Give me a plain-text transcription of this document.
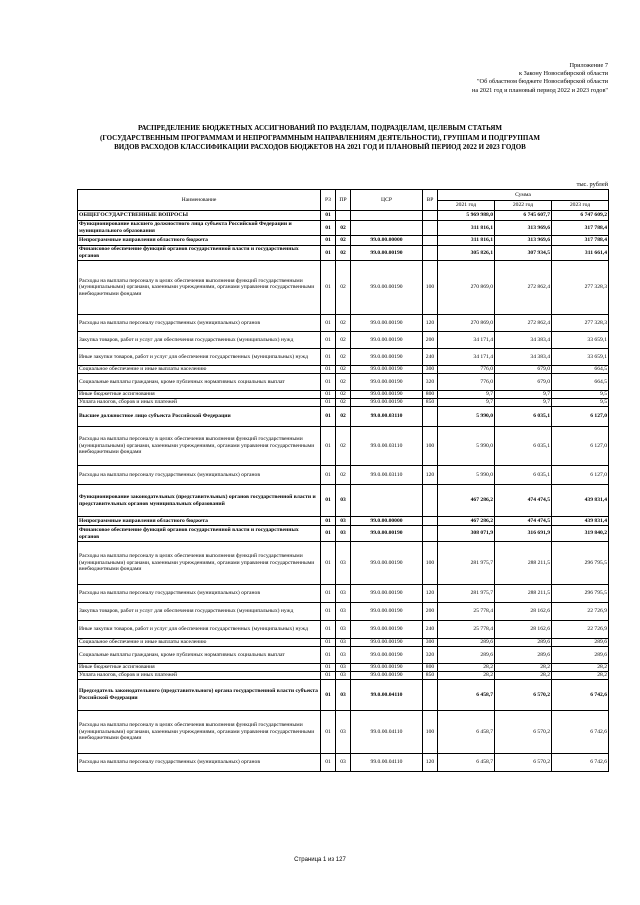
Приложение 7
к Закону Новосибирской области
"Об областном бюджете Новосибирской области
на 2021 год и плановый период 2022 и 2023 годов"
РАСПРЕДЕЛЕНИЕ БЮДЖЕТНЫХ АССИГНОВАНИЙ ПО РАЗДЕЛАМ, ПОДРАЗДЕЛАМ, ЦЕЛЕВЫМ СТАТЬЯМ
(ГОСУДАРСТВЕННЫМ ПРОГРАММАМ И НЕПРОГРАММНЫМ НАПРАВЛЕНИЯМ ДЕЯТЕЛЬНОСТИ), ГРУППАМ И ПОДГРУППАМ
ВИДОВ РАСХОДОВ КЛАССИФИКАЦИИ РАСХОДОВ БЮДЖЕТОВ НА 2021 ГОД И ПЛАНОВЫЙ ПЕРИОД 2022 И 2023 ГОДОВ
тыс. рублей
Наименование	РЗ	ПР	ЦСР	ВР	Сумма		
					2021 год	2022 год	2023 год
ОБЩЕГОСУДАРСТВЕННЫЕ ВОПРОСЫ	01				5 969 988,0	6 745 607,7	6 747 609,2
Функционирование высшего должностного лица субъекта Российской Федерации и муниципального образования	01	02			311 816,1	313 969,6	317 788,4
Непрограммные направления областного бюджета	01	02	99.0.00.00000		311 816,1	313 969,6	317 788,4
Финансовое обеспечение функций органов государственной власти и государственных органов	01	02	99.0.00.00190		305 826,1	307 934,5	311 661,4
Расходы на выплаты персоналу в целях обеспечения выполнения функций государственными (муниципальными) органами, казенными учреждениями, органами управления государственными внебюджетными фондами	01	02	99.0.00.00190	100	270 869,0	272 862,4	277 328,3
Расходы на выплаты персоналу государственных (муниципальных) органов	01	02	99.0.00.00190	120	270 869,0	272 862,4	277 328,3
Закупка товаров, работ и услуг для обеспечения государственных (муниципальных) нужд	01	02	99.0.00.00190	200	34 171,4	34 383,4	33 659,1
Иные закупки товаров, работ и услуг для обеспечения государственных (муниципальных) нужд	01	02	99.0.00.00190	240	34 171,4	34 383,4	33 659,1
Социальное обеспечение и иные выплаты населению	01	02	99.0.00.00190	300	776,0	679,0	664,5
Социальные выплаты гражданам, кроме публичных нормативных социальных выплат	01	02	99.0.00.00190	320	776,0	679,0	664,5
Иные бюджетные ассигнования	01	02	99.0.00.00190	800	9,7	9,7	9,5
Уплата налогов, сборов и иных платежей	01	02	99.0.00.00190	850	9,7	9,7	9,5
Высшее должностное лицо субъекта Российской Федерации	01	02	99.0.00.03110		5 990,0	6 035,1	6 127,0
Расходы на выплаты персоналу в целях обеспечения выполнения функций государственными (муниципальными) органами, казенными учреждениями, органами управления государственными внебюджетными фондами	01	02	99.0.00.03110	100	5 990,0	6 035,1	6 127,0
Расходы на выплаты персоналу государственных (муниципальных) органов	01	02	99.0.00.03110	120	5 990,0	6 035,1	6 127,0
Функционирование законодательных (представительных) органов государственной власти и представительных органов муниципальных образований	01	03			467 286,2	474 474,5	439 831,4
Непрограммные направления областного бюджета	01	03	99.0.00.00000		467 286,2	474 474,5	439 831,4
Финансовое обеспечение функций органов государственной власти и государственных органов	01	03	99.0.00.00190		308 071,9	316 691,9	319 840,2
Расходы на выплаты персоналу в целях обеспечения выполнения функций государственными (муниципальными) органами, казенными учреждениями, органами управления государственными внебюджетными фондами	01	03	99.0.00.00190	100	281 975,7	288 211,5	296 795,5
Расходы на выплаты персоналу государственных (муниципальных) органов	01	03	99.0.00.00190	120	281 975,7	288 211,5	296 795,5
Закупка товаров, работ и услуг для обеспечения государственных (муниципальных) нужд	01	03	99.0.00.00190	200	25 778,4	28 162,6	22 726,9
Иные закупки товаров, работ и услуг для обеспечения государственных (муниципальных) нужд	01	03	99.0.00.00190	240	25 778,4	28 162,6	22 726,9
Социальное обеспечение и иные выплаты населению	01	03	99.0.00.00190	300	289,6	289,6	289,6
Социальные выплаты гражданам, кроме публичных нормативных социальных выплат	01	03	99.0.00.00190	320	289,6	289,6	289,6
Иные бюджетные ассигнования	01	03	99.0.00.00190	800	28,2	28,2	28,2
Уплата налогов, сборов и иных платежей	01	03	99.0.00.00190	850	28,2	28,2	28,2
Председатель законодательного (представительного) органа государственной власти субъекта Российской Федерации	01	03	99.0.00.04110		6 458,7	6 570,2	6 742,6
Расходы на выплаты персоналу в целях обеспечения выполнения функций государственными (муниципальными) органами, казенными учреждениями, органами управления государственными внебюджетными фондами	01	03	99.0.00.04110	100	6 458,7	6 570,2	6 742,6
Расходы на выплаты персоналу государственных (муниципальных) органов	01	03	99.0.00.04110	120	6 458,7	6 570,2	6 742,6
Страница 1 из 127
